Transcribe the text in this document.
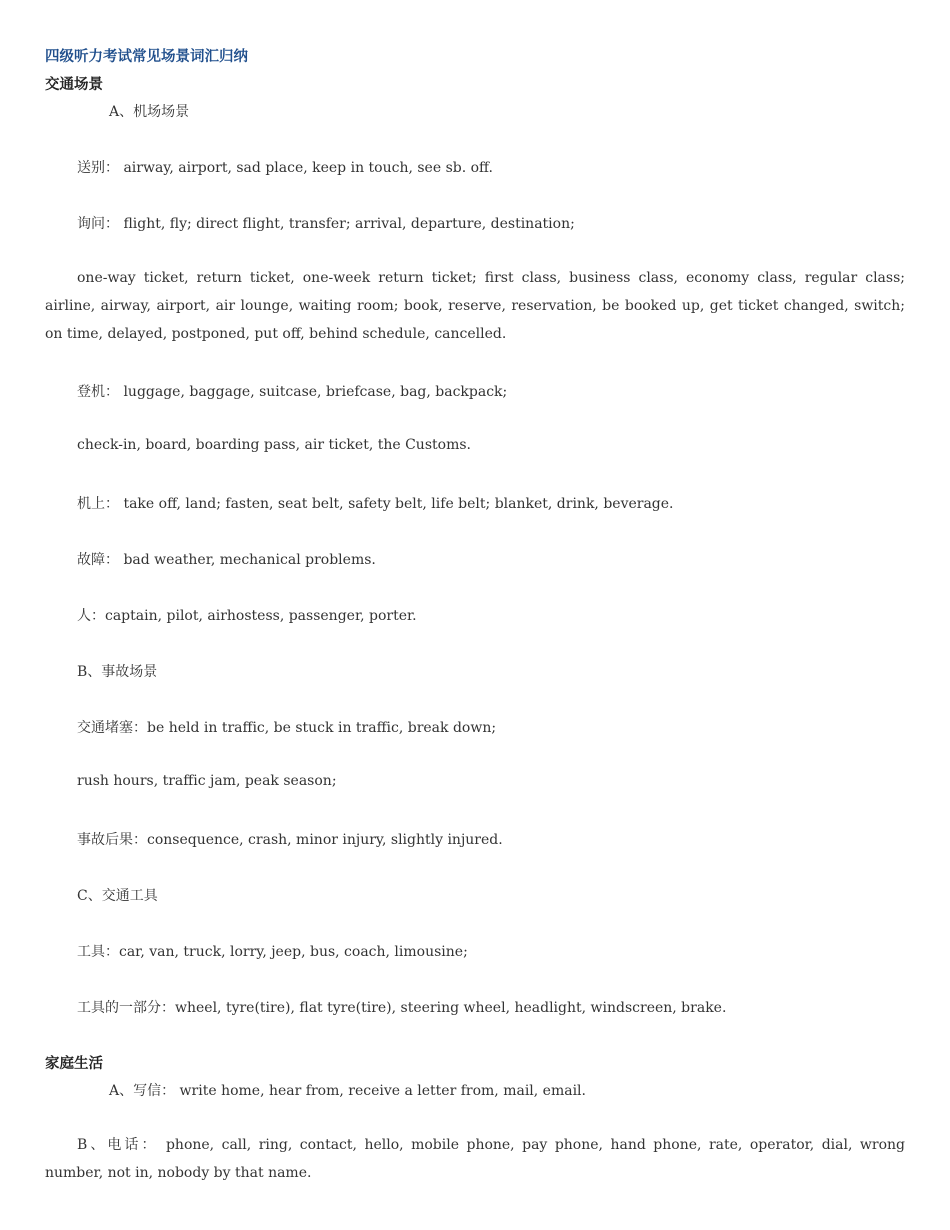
四级听力考试常见场景词汇归纳
交通场景
A、机场场景
送别： airway, airport, sad place, keep in touch, see sb. off.
询问： flight, fly; direct flight, transfer; arrival, departure, destination;

one-way ticket, return ticket, one-week return ticket; first class, business class, economy class, regular class; airline, airway, airport, air lounge, waiting room; book, reserve, reservation, be booked up, get ticket changed, switch; on time, delayed, postponed, put off, behind schedule, cancelled.

登机： luggage, baggage, suitcase, briefcase, bag, backpack;
check-in, board, boarding pass, air ticket, the Customs.
机上： take off, land; fasten, seat belt, safety belt, life belt; blanket, drink, beverage.
故障： bad weather, mechanical problems.
人：captain, pilot, airhostess, passenger, porter.
B、事故场景
交通堵塞：be held in traffic, be stuck in traffic, break down;
rush hours, traffic jam, peak season;
事故后果：consequence, crash, minor injury, slightly injured.
C、交通工具
工具：car, van, truck, lorry, jeep, bus, coach, limousine;
工具的一部分：wheel, tyre(tire), flat tyre(tire), steering wheel, headlight, windscreen, brake.
家庭生活
A、写信： write home, hear from, receive a letter from, mail, email.

B、电话： phone, call, ring, contact, hello, mobile phone, pay phone, hand phone, rate, operator, dial, wrong number, not in, nobody by that name.
